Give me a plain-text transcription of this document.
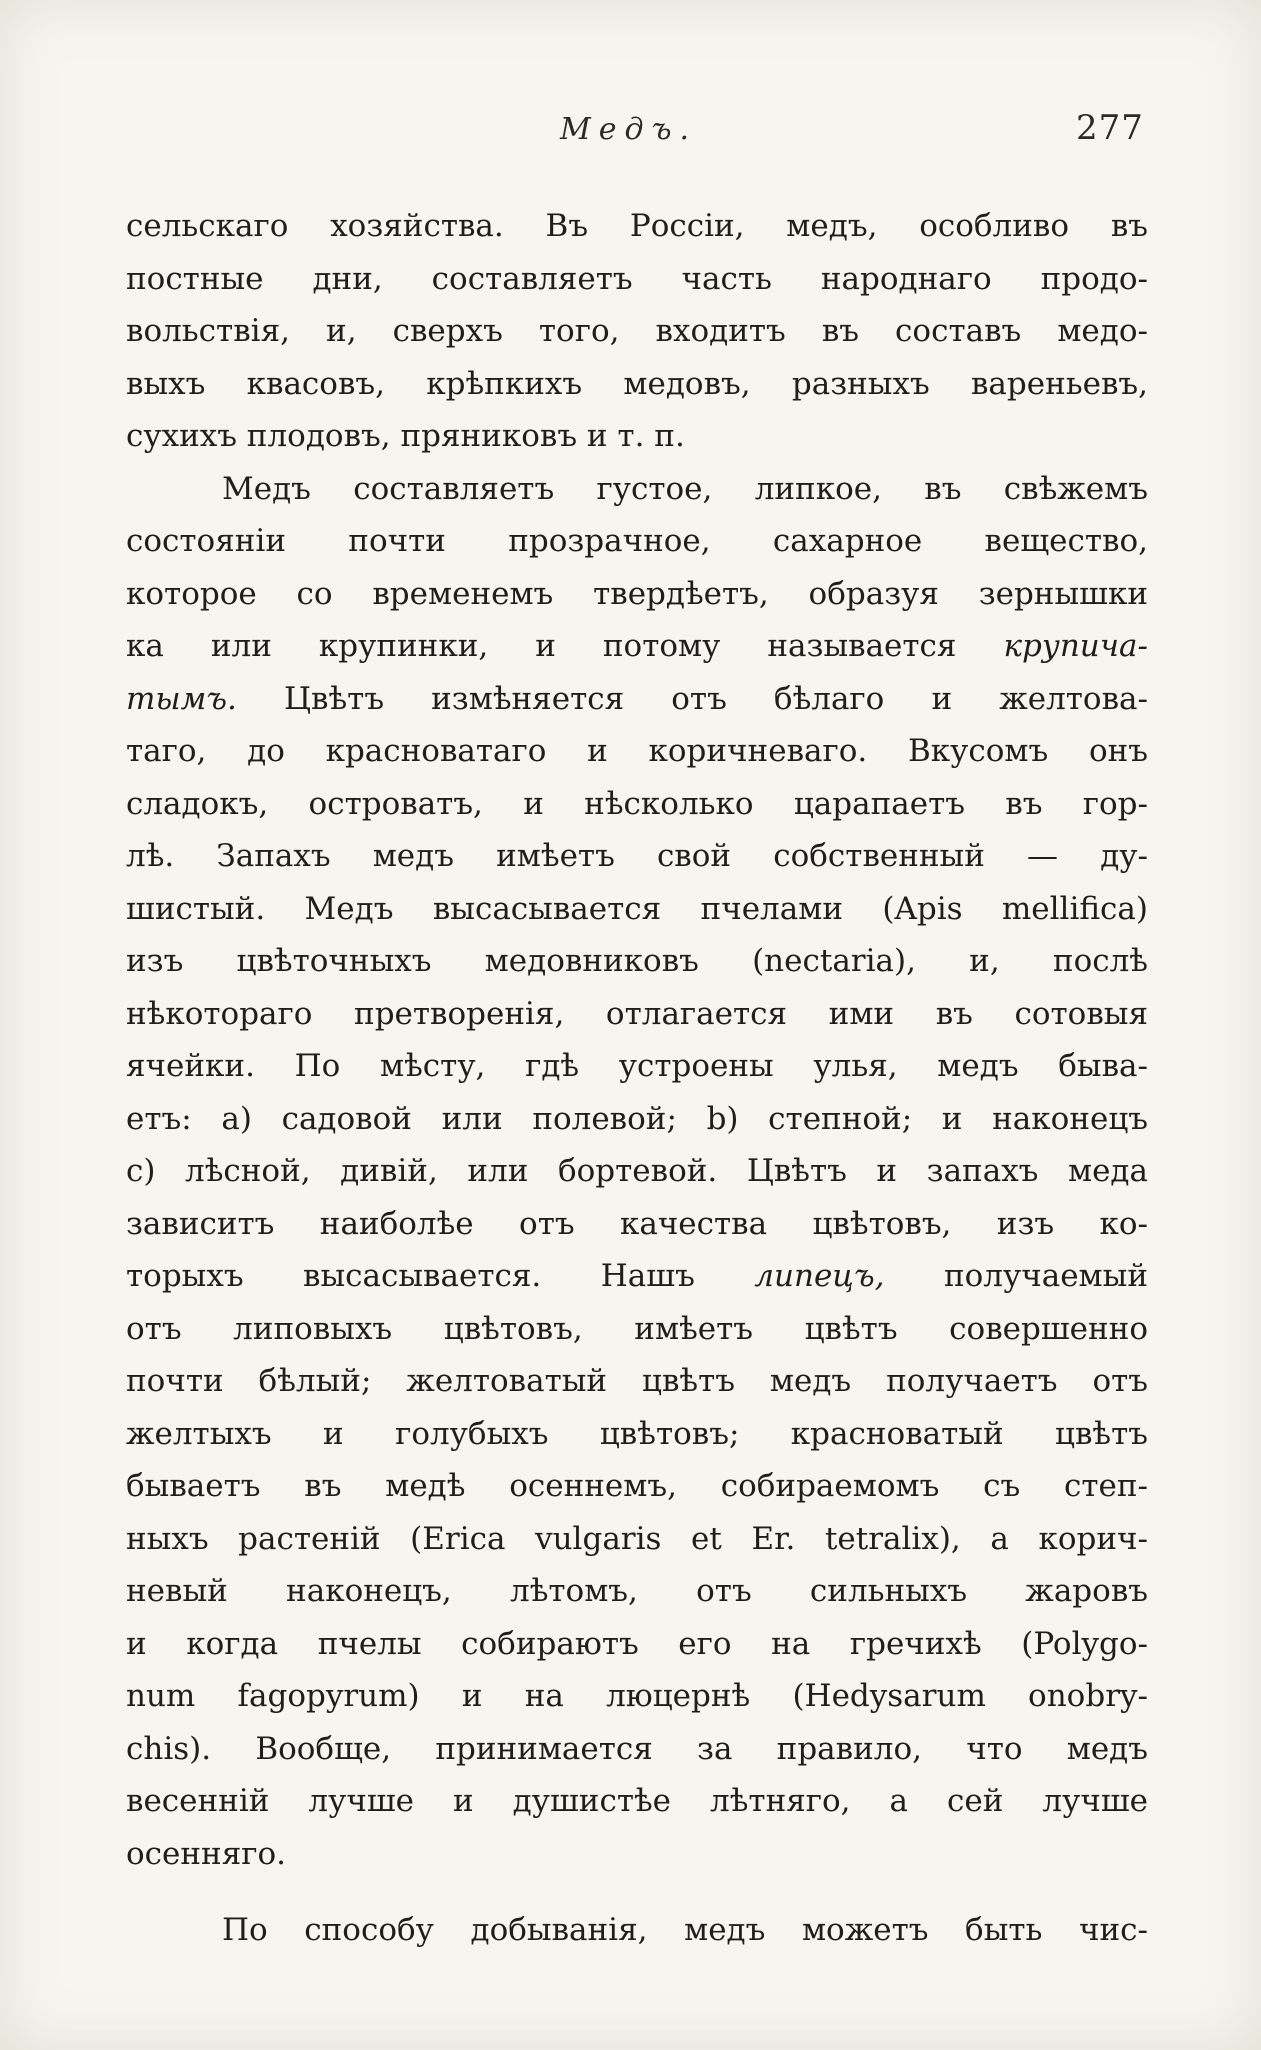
Медъ.	277
сельскаго хозяйства. Въ Россіи, медъ, особливо въ
постные дни, составляетъ часть народнаго продо-
вольствія, и, сверхъ того, входитъ въ составъ медо-
выхъ квасовъ, крѣпкихъ медовъ, разныхъ вареньевъ,
сухихъ плодовъ, пряниковъ и т. п.
Медъ составляетъ густое, липкое, въ свѣжемъ
состояніи почти прозрачное, сахарное вещество,
которое со временемъ твердѣетъ, образуя зернышки
ка или крупинки, и потому называется крупича-
тымъ. Цвѣтъ измѣняется отъ бѣлаго и желтова-
таго, до красноватаго и коричневаго. Вкусомъ онъ
сладокъ, островатъ, и нѣсколько царапаетъ въ гор-
лѣ. Запахъ медъ имѣетъ свой собственный — ду-
шистый. Медъ высасывается пчелами (Apis mellifica)
изъ цвѣточныхъ медовниковъ (nectaria), и, послѣ
нѣкотораго претворенія, отлагается ими въ сотовыя
ячейки. По мѣсту, гдѣ устроены улья, медъ быва-
етъ: a) садовой или полевой; b) степной; и наконецъ
c) лѣсной, дивій, или бортевой. Цвѣтъ и запахъ меда
зависитъ наиболѣе отъ качества цвѣтовъ, изъ ко-
торыхъ высасывается. Нашъ липецъ, получаемый
отъ липовыхъ цвѣтовъ, имѣетъ цвѣтъ совершенно
почти бѣлый; желтоватый цвѣтъ медъ получаетъ отъ
желтыхъ и голубыхъ цвѣтовъ; красноватый цвѣтъ
бываетъ въ медѣ осеннемъ, собираемомъ съ степ-
ныхъ растеній (Erica vulgaris et Er. tetralix), а корич-
невый наконецъ, лѣтомъ, отъ сильныхъ жаровъ
и когда пчелы собираютъ его на гречихѣ (Polygo-
num fagopyrum) и на люцернѣ (Hedysarum onobry-
chis). Вообще, принимается за правило, что медъ
весенній лучше и душистѣе лѣтняго, а сей лучше
осенняго.
По способу добыванія, медъ можетъ быть чис-
